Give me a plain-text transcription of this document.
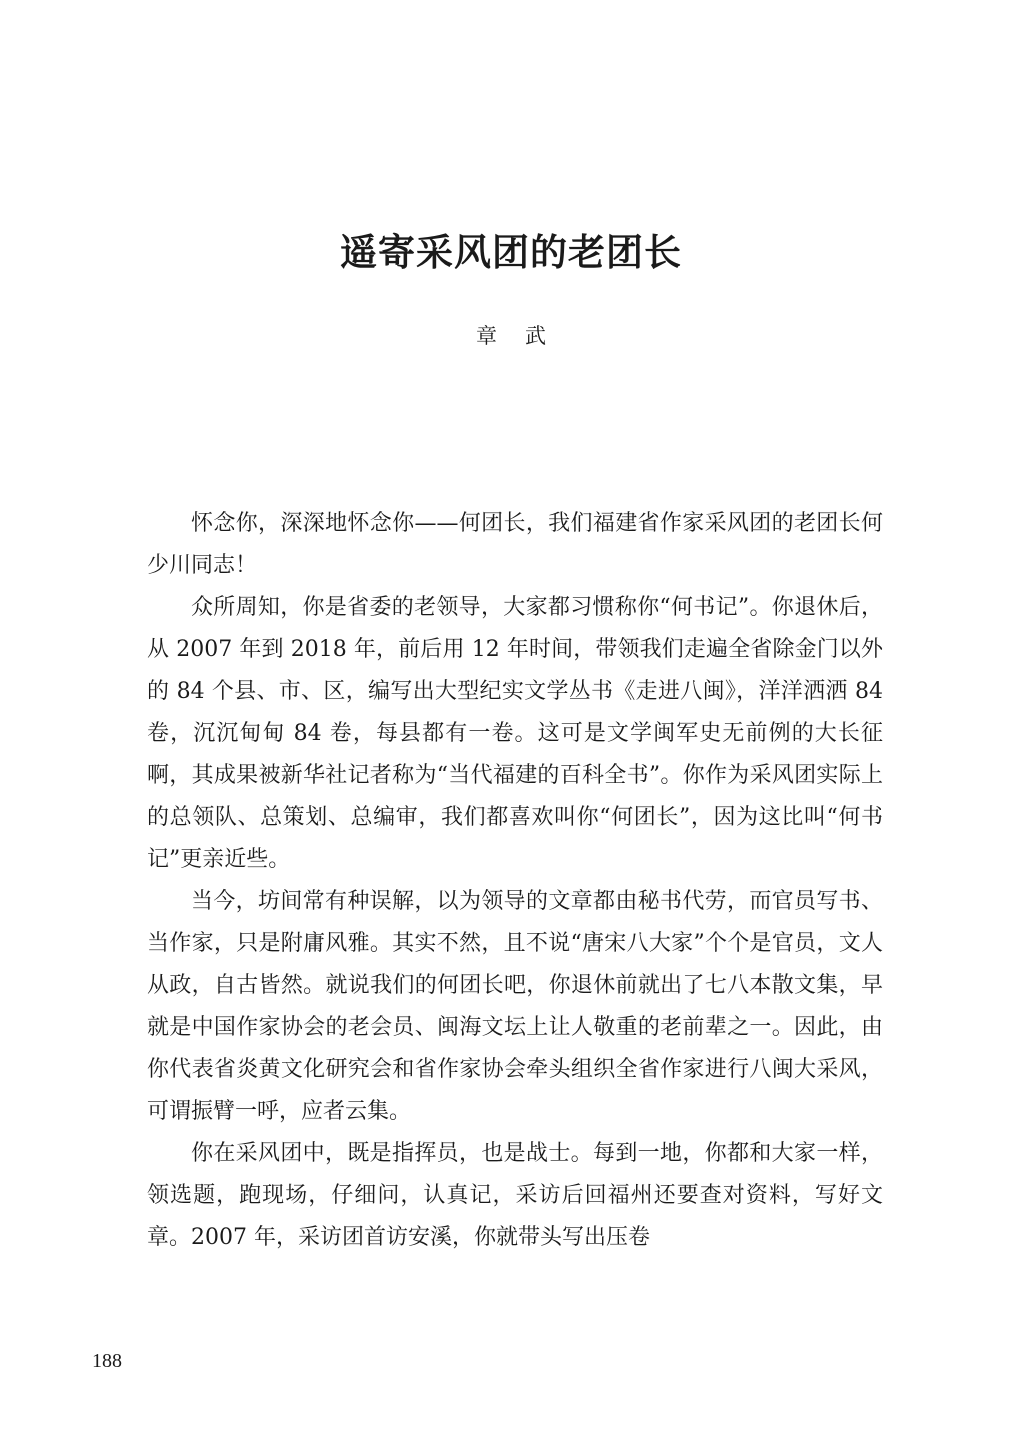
遥寄采风团的老团长
章武

怀念你，深深地怀念你——何团长，我们福建省作家采风团的老团长何少川同志！

众所周知，你是省委的老领导，大家都习惯称你“何书记”。你退休后，从 2007 年到 2018 年，前后用 12 年时间，带领我们走遍全省除金门以外的 84 个县、市、区，编写出大型纪实文学丛书《走进八闽》，洋洋洒洒 84 卷，沉沉甸甸 84 卷，每县都有一卷。这可是文学闽军史无前例的大长征啊，其成果被新华社记者称为“当代福建的百科全书”。你作为采风团实际上的总领队、总策划、总编审，我们都喜欢叫你“何团长”，因为这比叫“何书记”更亲近些。

当今，坊间常有种误解，以为领导的文章都由秘书代劳，而官员写书、当作家，只是附庸风雅。其实不然，且不说“唐宋八大家”个个是官员，文人从政，自古皆然。就说我们的何团长吧，你退休前就出了七八本散文集，早就是中国作家协会的老会员、闽海文坛上让人敬重的老前辈之一。因此，由你代表省炎黄文化研究会和省作家协会牵头组织全省作家进行八闽大采风，可谓振臂一呼，应者云集。

你在采风团中，既是指挥员，也是战士。每到一地，你都和大家一样，领选题，跑现场，仔细问，认真记，采访后回福州还要查对资料，写好文章。2007 年，采访团首访安溪，你就带头写出压卷

188
